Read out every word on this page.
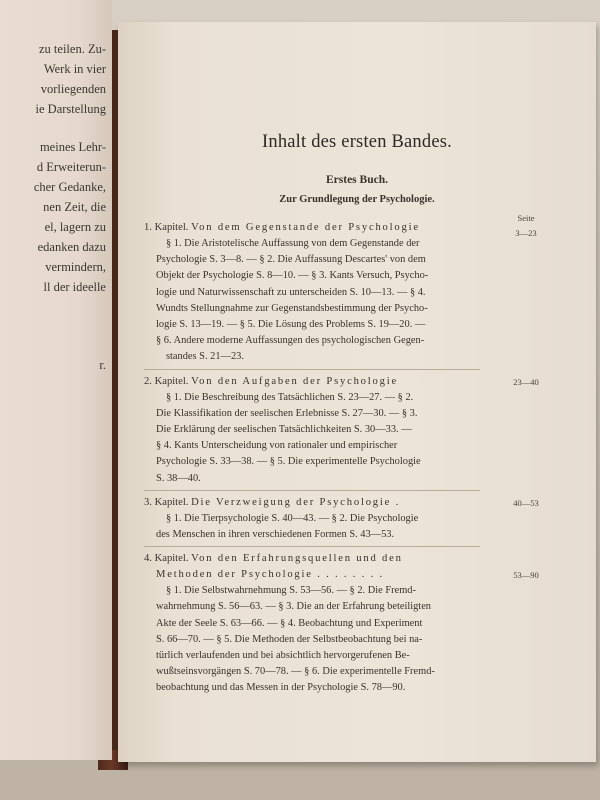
zu teilen. Zu-
Werk in vier
vorliegenden
ie Darstellung
meines Lehr-
d Erweiterun-
cher Gedanke,
nen Zeit, die
el, lagern zu
edanken dazu
vermindern,
ll der ideelle
r.
Inhalt des ersten Bandes.
Erstes Buch.
Zur Grundlegung der Psychologie.
Seite
3—23
1. Kapitel. Von dem Gegenstande der Psychologie
§ 1. Die Aristotelische Auffassung von dem Gegenstande der
Psychologie S. 3—8. — § 2. Die Auffassung Descartes' von dem
Objekt der Psychologie S. 8—10. — § 3. Kants Versuch, Psycho-
logie und Naturwissenschaft zu unterscheiden S. 10—13. — § 4.
Wundts Stellungnahme zur Gegenstandsbestimmung der Psycho-
logie S. 13—19. — § 5. Die Lösung des Problems S. 19—20. —
§ 6. Andere moderne Auffassungen des psychologischen Gegen-
standes S. 21—23.
23—40
2. Kapitel. Von den Aufgaben der Psychologie
§ 1. Die Beschreibung des Tatsächlichen S. 23—27. — § 2.
Die Klassifikation der seelischen Erlebnisse S. 27—30. — § 3.
Die Erklärung der seelischen Tatsächlichkeiten S. 30—33. —
§ 4. Kants Unterscheidung von rationaler und empirischer
Psychologie S. 33—38. — § 5. Die experimentelle Psychologie
S. 38—40.
40—53
3. Kapitel. Die Verzweigung der Psychologie .
§ 1. Die Tierpsychologie S. 40—43. — § 2. Die Psychologie
des Menschen in ihren verschiedenen Formen S. 43—53.
53—90
4. Kapitel. Von den Erfahrungsquellen und den
Methoden der Psychologie . . . . . . . .
§ 1. Die Selbstwahrnehmung S. 53—56. — § 2. Die Fremd-
wahrnehmung S. 56—63. — § 3. Die an der Erfahrung beteiligten
Akte der Seele S. 63—66. — § 4. Beobachtung und Experiment
S. 66—70. — § 5. Die Methoden der Selbstbeobachtung bei na-
türlich verlaufenden und bei absichtlich hervorgerufenen Be-
wußtseinsvorgängen S. 70—78. — § 6. Die experimentelle Fremd-
beobachtung und das Messen in der Psychologie S. 78—90.
